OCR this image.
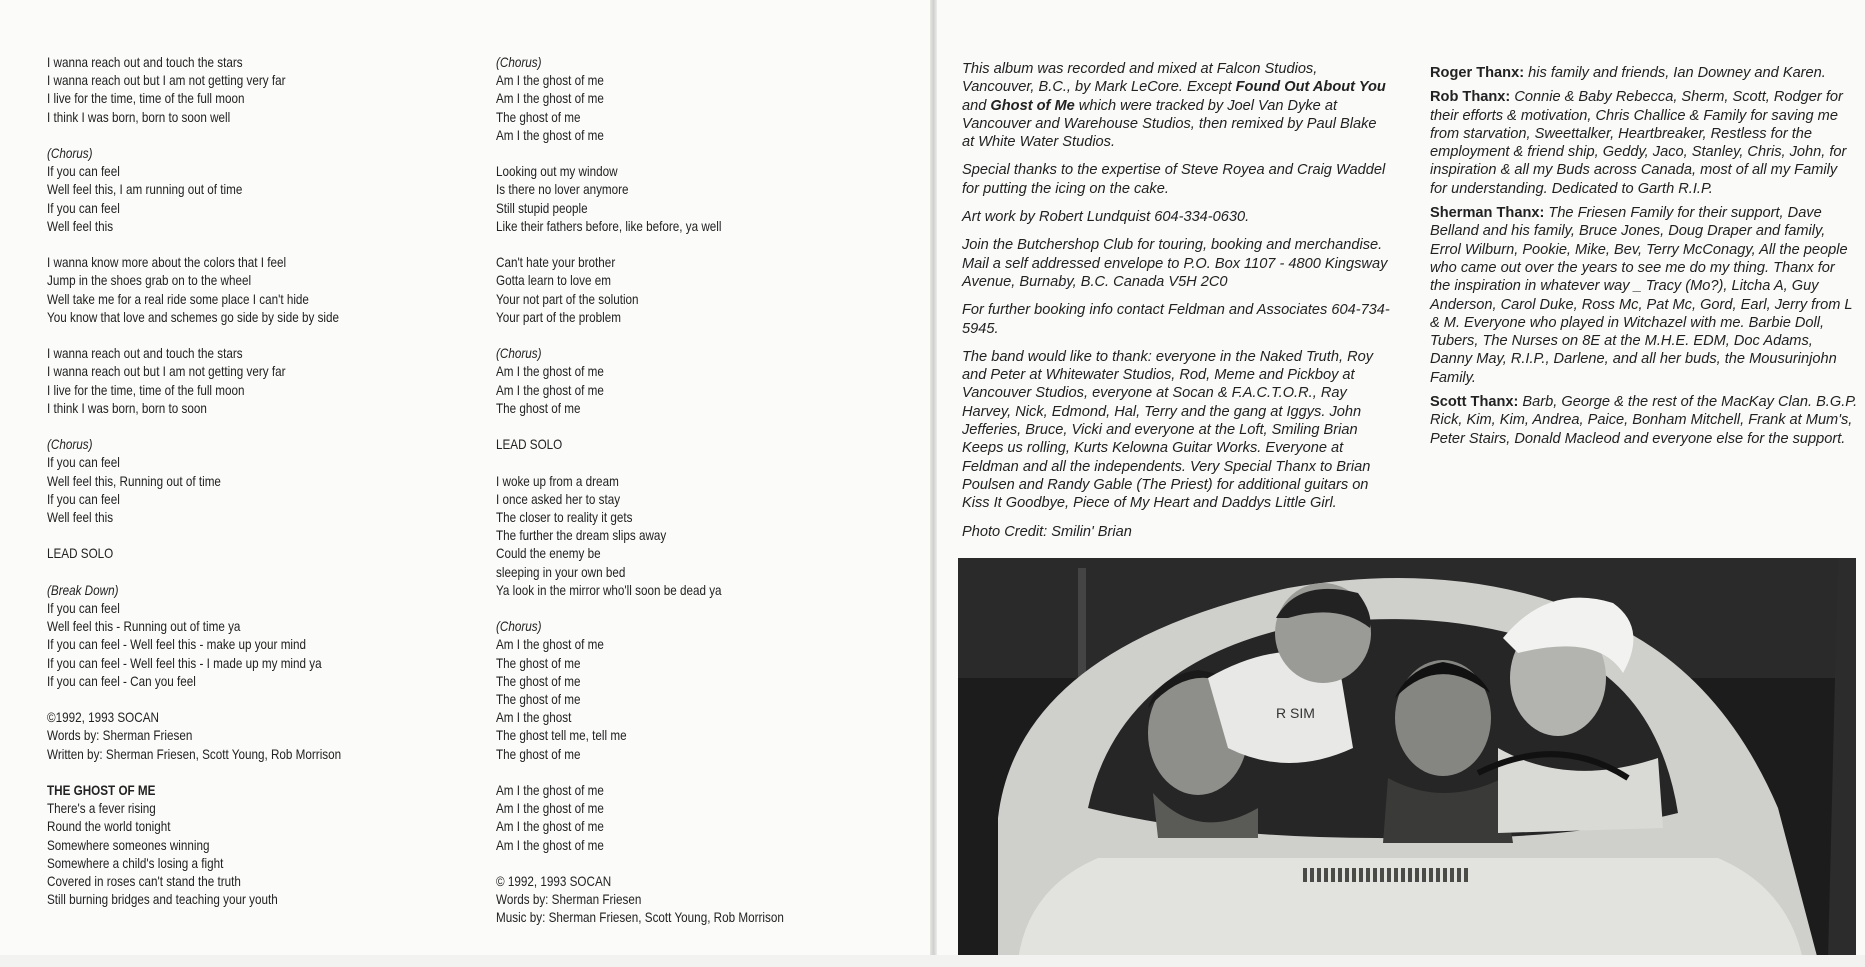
I wanna reach out and touch the stars
I wanna reach out but I am not getting very far
I live for the time, time of the full moon
I think I was born, born to soon well
(Chorus)
If you can feel
Well feel this, I am running out of time
If you can feel
Well feel this
I wanna know more about the colors that I feel
Jump in the shoes grab on to the wheel
Well take me for a real ride some place I can't hide
You know that love and schemes go side by side by side
I wanna reach out and touch the stars
I wanna reach out but I am not getting very far
I live for the time, time of the full moon
I think I was born, born to soon
(Chorus)
If you can feel
Well feel this, Running out of time
If you can feel
Well feel this
LEAD SOLO
(Break Down)
If you can feel
Well feel this - Running out of time ya
If you can feel - Well feel this - make up your mind
If you can feel - Well feel this - I made up my mind ya
If you can feel - Can you feel
©1992, 1993 SOCAN
Words by: Sherman Friesen
Written by: Sherman Friesen, Scott Young, Rob Morrison
THE GHOST OF ME
There's a fever rising
Round the world tonight
Somewhere someones winning
Somewhere a child's losing a fight
Covered in roses can't stand the truth
Still burning bridges and teaching your youth
(Chorus)
Am I the ghost of me
Am I the ghost of me
The ghost of me
Am I the ghost of me
Looking out my window
Is there no lover anymore
Still stupid people
Like their fathers before, like before, ya well
Can't hate your brother
Gotta learn to love em
Your not part of the solution
Your part of the problem
(Chorus)
Am I the ghost of me
Am I the ghost of me
The ghost of me
LEAD SOLO
I woke up from a dream
I once asked her to stay
The closer to reality it gets
The further the dream slips away
Could the enemy be
sleeping in your own bed
Ya look in the mirror who'll soon be dead ya
(Chorus)
Am I the ghost of me
The ghost of me
The ghost of me
The ghost of me
Am I the ghost
The ghost tell me, tell me
The ghost of me
Am I the ghost of me
Am I the ghost of me
Am I the ghost of me
Am I the ghost of me
© 1992, 1993 SOCAN
Words by: Sherman Friesen
Music by: Sherman Friesen, Scott Young, Rob Morrison

This album was recorded and mixed at Falcon Studios, Vancouver, B.C., by Mark LeCore. Except Found Out About You and Ghost of Me which were tracked by Joel Van Dyke at Vancouver and Warehouse Studios, then remixed by Paul Blake at White Water Studios.

Special thanks to the expertise of Steve Royea and Craig Waddel for putting the icing on the cake.

Art work by Robert Lundquist 604-334-0630.

Join the Butchershop Club for touring, booking and merchandise. Mail a self addressed envelope to P.O. Box 1107 - 4800 Kingsway Avenue, Burnaby, B.C. Canada V5H 2C0

For further booking info contact Feldman and Associates 604-734-5945.

The band would like to thank: everyone in the Naked Truth, Roy and Peter at Whitewater Studios, Rod, Meme and Pickboy at Vancouver Studios, everyone at Socan & F.A.C.T.O.R., Ray Harvey, Nick, Edmond, Hal, Terry and the gang at Iggys. John Jefferies, Bruce, Vicki and everyone at the Loft, Smiling Brian Keeps us rolling, Kurts Kelowna Guitar Works. Everyone at Feldman and all the independents. Very Special Thanx to Brian Poulsen and Randy Gable (The Priest) for additional guitars on Kiss It Goodbye, Piece of My Heart and Daddys Little Girl.

Photo Credit: Smilin' Brian

Roger Thanx: his family and friends, Ian Downey and Karen.

Rob Thanx: Connie & Baby Rebecca, Sherm, Scott, Rodger for their efforts & motivation, Chris Challice & Family for saving me from starvation, Sweettalker, Heartbreaker, Restless for the employment & friend ship, Geddy, Jaco, Stanley, Chris, John, for inspiration & all my Buds across Canada, most of all my Family for understanding. Dedicated to Garth R.I.P.

Sherman Thanx: The Friesen Family for their support, Dave Belland and his family, Bruce Jones, Doug Draper and family, Errol Wilburn, Pookie, Mike, Bev, Terry McConagy, All the people who came out over the years to see me do my thing. Thanx for the inspiration in whatever way _ Tracy (Mo?), Litcha A, Guy Anderson, Carol Duke, Ross Mc, Pat Mc, Gord, Earl, Jerry from L & M. Everyone who played in Witchazel with me. Barbie Doll, Tubers, The Nurses on 8E at the M.H.E. EDM, Doc Adams, Danny May, R.I.P., Darlene, and all her buds, the Mousurinjohn Family.

Scott Thanx: Barb, George & the rest of the MacKay Clan. B.G.P. Rick, Kim, Kim, Andrea, Paice, Bonham Mitchell, Frank at Mum's, Peter Stairs, Donald Macleod and everyone else for the support.

R SIM
